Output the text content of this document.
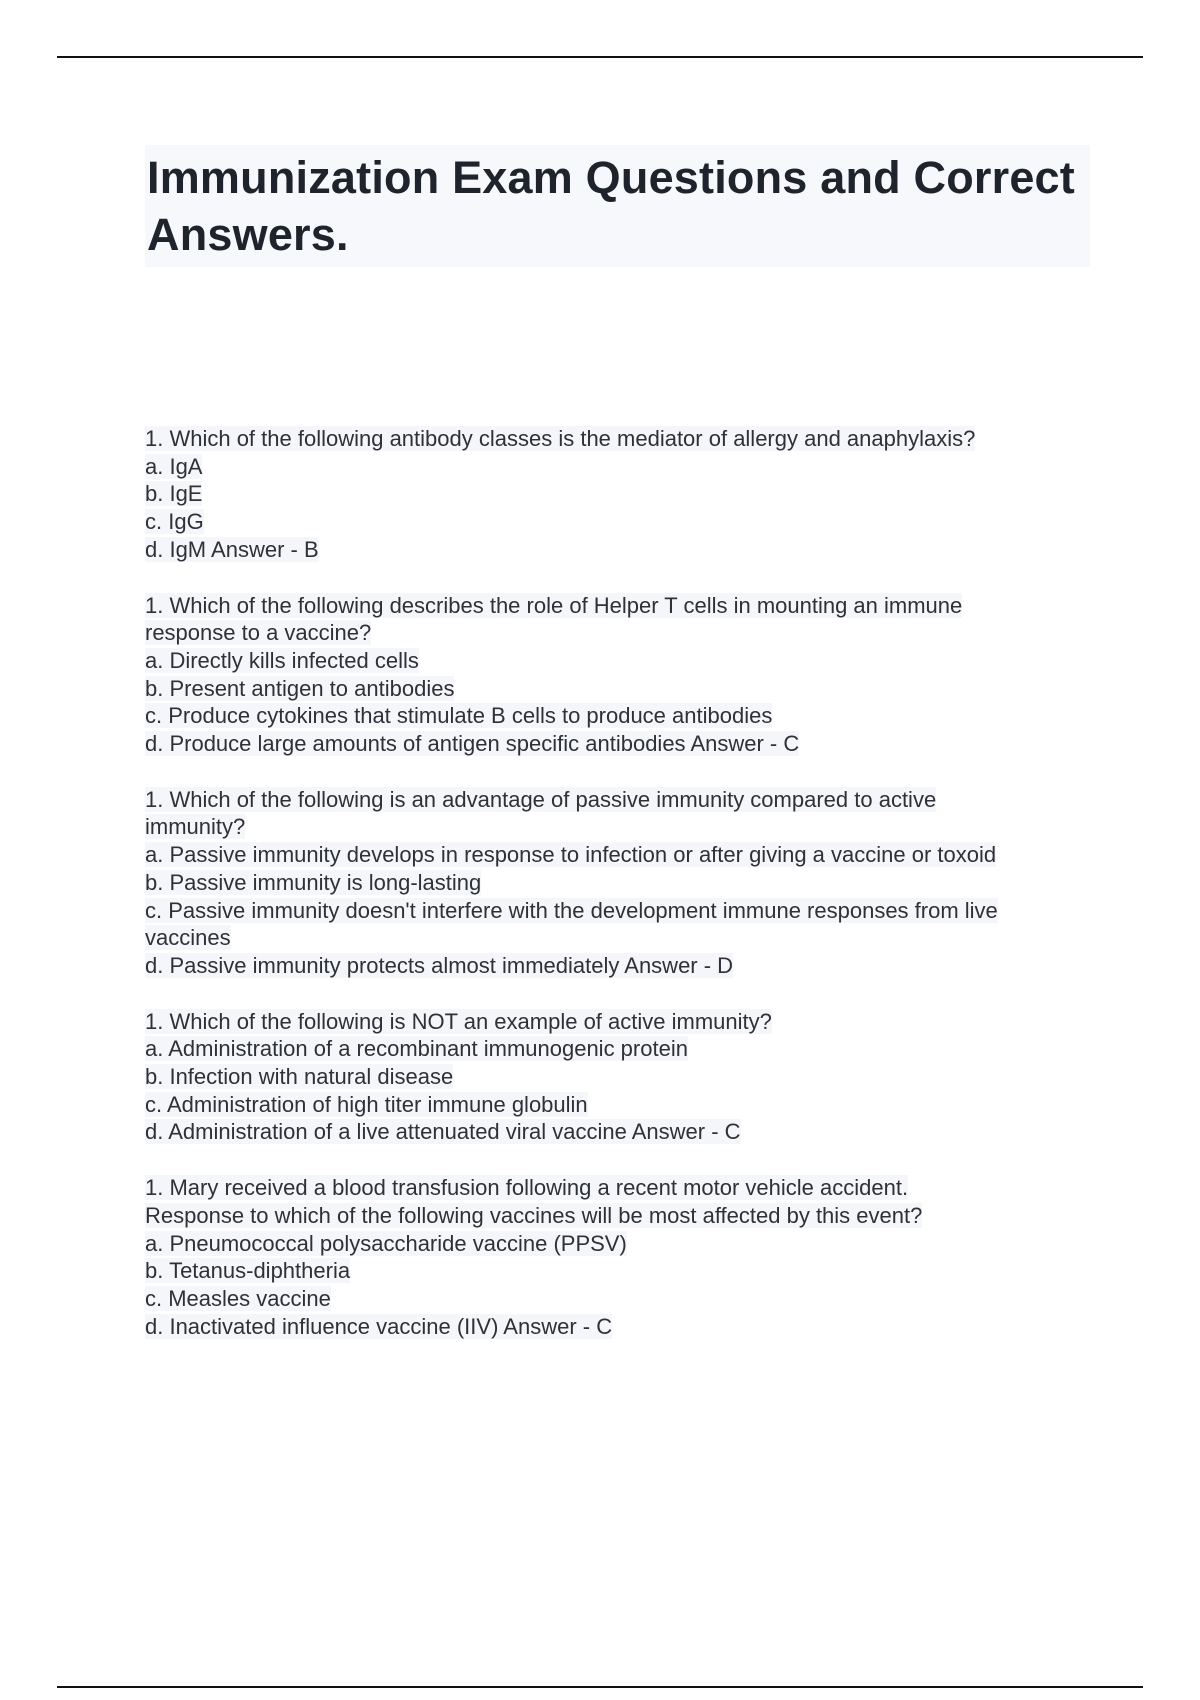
Immunization Exam Questions and Correct Answers.
1. Which of the following antibody classes is the mediator of allergy and anaphylaxis?
a. IgA
b. IgE
c. IgG
d. IgM Answer - B
1. Which of the following describes the role of Helper T cells in mounting an immune
response to a vaccine?
a. Directly kills infected cells
b. Present antigen to antibodies
c. Produce cytokines that stimulate B cells to produce antibodies
d. Produce large amounts of antigen specific antibodies Answer - C
1. Which of the following is an advantage of passive immunity compared to active
immunity?
a. Passive immunity develops in response to infection or after giving a vaccine or toxoid
b. Passive immunity is long-lasting
c. Passive immunity doesn't interfere with the development immune responses from live
vaccines
d. Passive immunity protects almost immediately Answer - D
1. Which of the following is NOT an example of active immunity?
a. Administration of a recombinant immunogenic protein
b. Infection with natural disease
c. Administration of high titer immune globulin
d. Administration of a live attenuated viral vaccine Answer - C
1. Mary received a blood transfusion following a recent motor vehicle accident.
Response to which of the following vaccines will be most affected by this event?
a. Pneumococcal polysaccharide vaccine (PPSV)
b. Tetanus-diphtheria
c. Measles vaccine
d. Inactivated influence vaccine (IIV) Answer - C
